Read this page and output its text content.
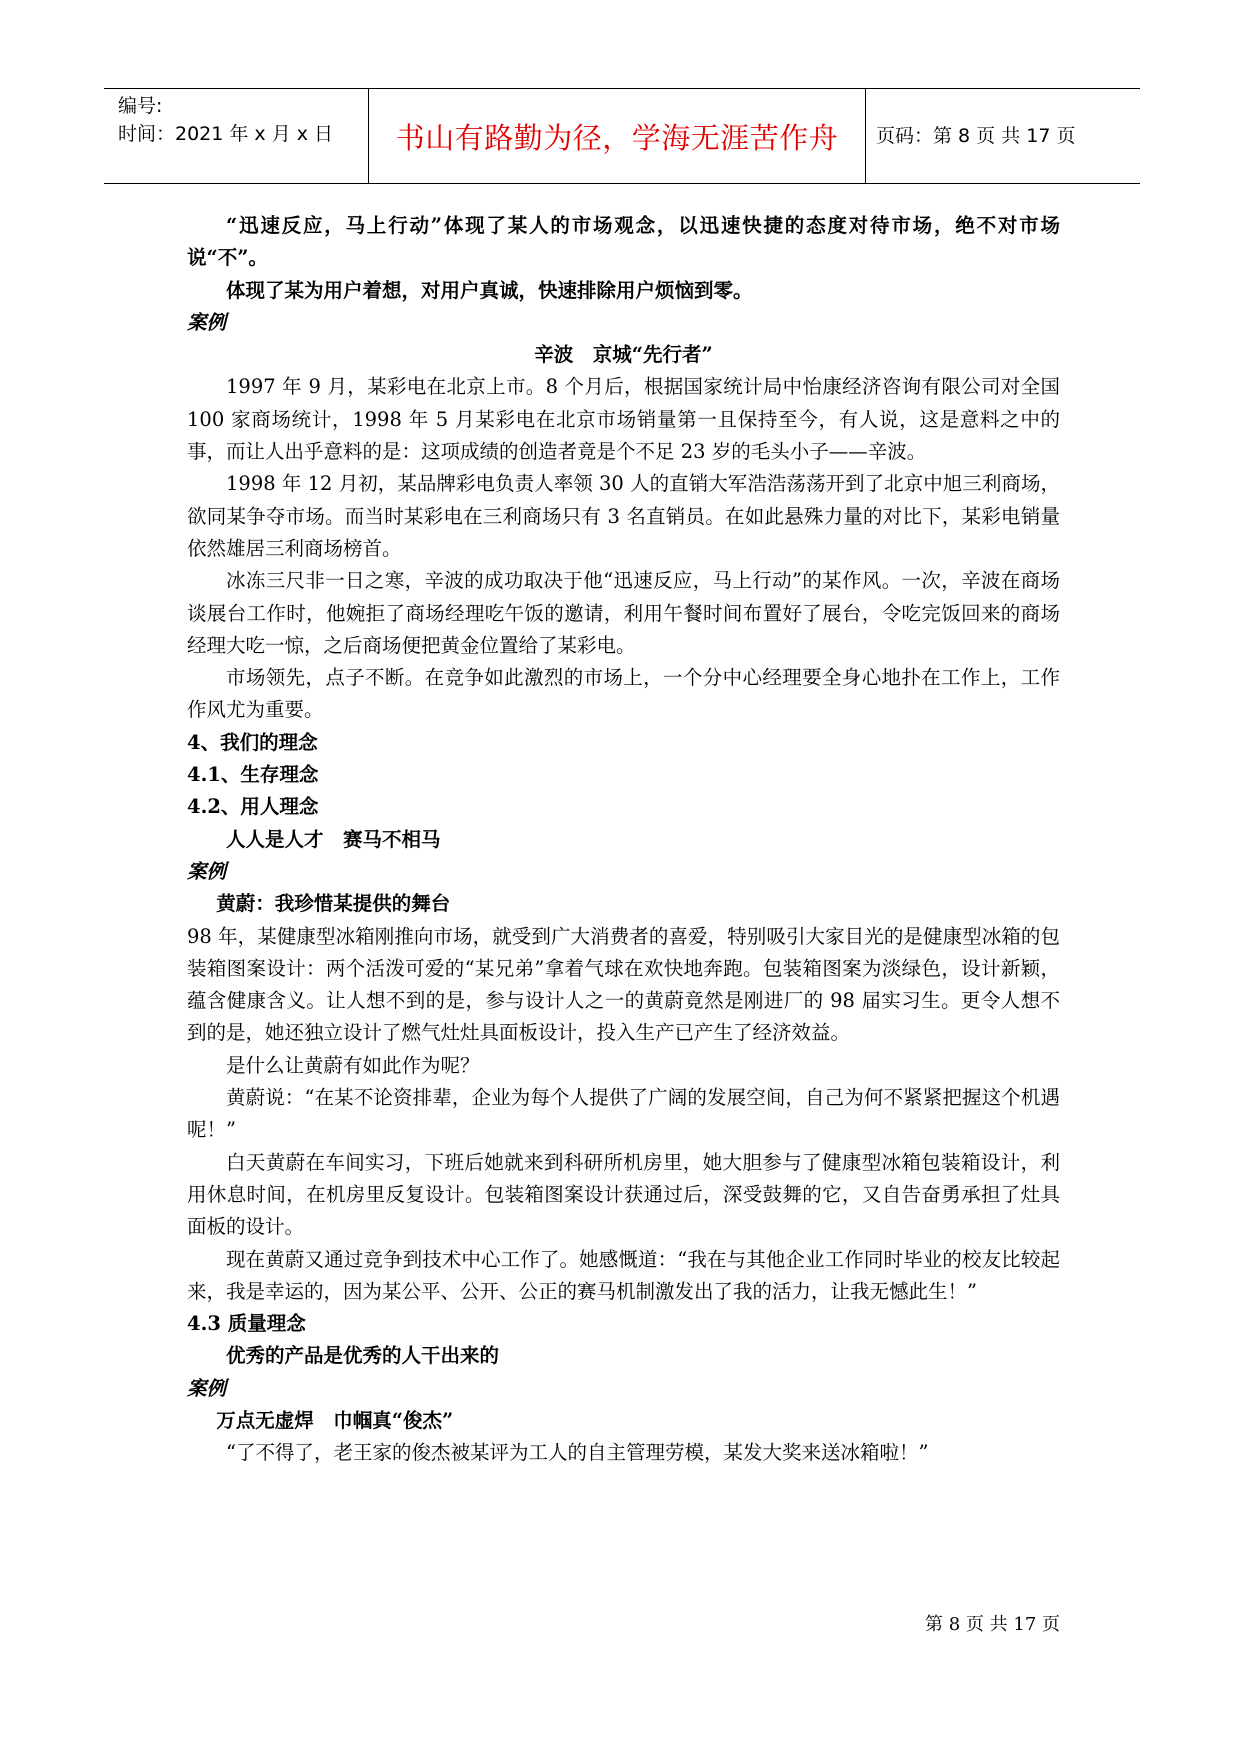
编号:
时间：2021 年 x 月 x 日 书山有路勤为径，学海无涯苦作舟 页码：第 8 页 共 17 页

“迅速反应，马上行动”体现了某人的市场观念，以迅速快捷的态度对待市场，绝不对市场说“不”。

体现了某为用户着想，对用户真诚，快速排除用户烦恼到零。

案例

辛波　京城“先行者”

1997 年 9 月，某彩电在北京上市。8 个月后，根据国家统计局中怡康经济咨询有限公司对全国 100 家商场统计，1998 年 5 月某彩电在北京市场销量第一且保持至今，有人说，这是意料之中的事，而让人出乎意料的是：这项成绩的创造者竟是个不足 23 岁的毛头小子——辛波。

1998 年 12 月初，某品牌彩电负责人率领 30 人的直销大军浩浩荡荡开到了北京中旭三利商场，欲同某争夺市场。而当时某彩电在三利商场只有 3 名直销员。在如此悬殊力量的对比下，某彩电销量依然雄居三利商场榜首。

冰冻三尺非一日之寒，辛波的成功取决于他“迅速反应，马上行动”的某作风。一次，辛波在商场谈展台工作时，他婉拒了商场经理吃午饭的邀请，利用午餐时间布置好了展台，令吃完饭回来的商场经理大吃一惊，之后商场便把黄金位置给了某彩电。

市场领先，点子不断。在竞争如此激烈的市场上，一个分中心经理要全身心地扑在工作上，工作作风尤为重要。

4、我们的理念

4.1、生存理念

4.2、用人理念

人人是人才　赛马不相马

案例

黄蔚：我珍惜某提供的舞台

98 年，某健康型冰箱刚推向市场，就受到广大消费者的喜爱，特别吸引大家目光的是健康型冰箱的包装箱图案设计：两个活泼可爱的“某兄弟”拿着气球在欢快地奔跑。包装箱图案为淡绿色，设计新颖，蕴含健康含义。让人想不到的是，参与设计人之一的黄蔚竟然是刚进厂的 98 届实习生。更令人想不到的是，她还独立设计了燃气灶灶具面板设计，投入生产已产生了经济效益。

是什么让黄蔚有如此作为呢？

黄蔚说：“在某不论资排辈，企业为每个人提供了广阔的发展空间，自己为何不紧紧把握这个机遇呢！”

白天黄蔚在车间实习，下班后她就来到科研所机房里，她大胆参与了健康型冰箱包装箱设计，利用休息时间，在机房里反复设计。包装箱图案设计获通过后，深受鼓舞的它，又自告奋勇承担了灶具面板的设计。

现在黄蔚又通过竞争到技术中心工作了。她感慨道：“我在与其他企业工作同时毕业的校友比较起来，我是幸运的，因为某公平、公开、公正的赛马机制激发出了我的活力，让我无憾此生！”

4.3 质量理念

优秀的产品是优秀的人干出来的

案例

万点无虚焊　巾帼真“俊杰”

“了不得了，老王家的俊杰被某评为工人的自主管理劳模，某发大奖来送冰箱啦！”

第 8 页 共 17 页
